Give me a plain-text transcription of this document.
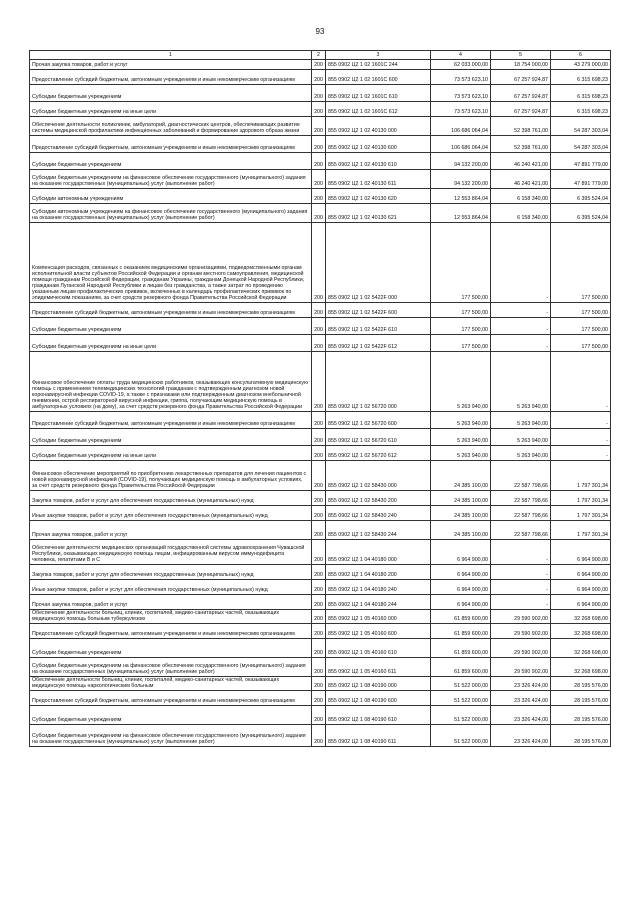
93
1	2	3	4	5	6
Прочая закупка товаров, работ и услуг	200	855 0902 Ц2 1 02 1601С 244	62 033 000,00	18 754 000,00	43 279 000,00
Предоставление субсидий бюджетным, автономным учреждениям и иным некоммерческим организациям	200	855 0902 Ц2 1 02 1601С 600	73 573 623,10	67 257 924,87	6 315 698,23
Субсидии бюджетным учреждениям	200	855 0902 Ц2 1 02 1601С 610	73 573 623,10	67 257 924,87	6 315 698,23
Субсидии бюджетным учреждениям на иные цели	200	855 0902 Ц2 1 02 1601С 612	73 573 623,10	67 257 924,87	6 315 698,23
Обеспечение деятельности поликлиник, амбулаторий, диагностических центров, обеспечивающих развитие системы медицинской профилактики инфекционных заболеваний и формирование здорового образа жизни	200	855 0902 Ц2 1 02 40130 000	106 686 064,04	52 398 761,00	54 287 303,04
Предоставление субсидий бюджетным, автономным учреждениям и иным некоммерческим организациям	200	855 0902 Ц2 1 02 40130 600	106 686 064,04	52 398 761,00	54 287 303,04
Субсидии бюджетным учреждениям	200	855 0902 Ц2 1 02 40130 610	94 132 200,00	46 240 421,00	47 891 779,00
Субсидии бюджетным учреждениям на финансовое обеспечение государственного (муниципального) задания на оказание государственных (муниципальных) услуг (выполнение работ)	200	855 0902 Ц2 1 02 40130 611	94 132 200,00	46 240 421,00	47 891 779,00
Субсидии автономным учреждениям	200	855 0902 Ц2 1 02 40130 620	12 553 864,04	6 158 340,00	6 395 524,04
Субсидии автономным учреждениям на финансовое обеспечение государственного (муниципального) задания на оказание государственных (муниципальных) услуг (выполнение работ)	200	855 0902 Ц2 1 02 40130 621	12 553 864,04	6 158 340,00	6 395 524,04
Компенсация расходов, связанных с оказанием медицинскими организациями, подведомственными органам исполнительной власти субъектов Российской Федерации и органам местного самоуправления, медицинской помощи гражданам Российской Федерации, гражданам Украины, гражданам Донецкой Народной Республики, гражданам Луганской Народной Республики и лицам без гражданства, а также затрат по проведению указанным лицам профилактических прививок, включенных в календарь профилактических прививок по эпидемическим показаниям, за счет средств резервного фонда Правительства Российской Федерации	200	855 0902 Ц2 1 02 5422F 000	177 500,00	-	177 500,00
Предоставление субсидий бюджетным, автономным учреждениям и иным некоммерческим организациям	200	855 0902 Ц2 1 02 5422F 600	177 500,00	-	177 500,00
Субсидии бюджетным учреждениям	200	855 0902 Ц2 1 02 5422F 610	177 500,00	-	177 500,00
Субсидии бюджетным учреждениям на иные цели	200	855 0902 Ц2 1 02 5422F 612	177 500,00	-	177 500,00
Финансовое обеспечение оплаты труда медицинских работников, оказывающих консультативную медицинскую помощь с применением телемедицинских технологий гражданам с подтвержденным диагнозом новой коронавирусной инфекции COVID-19, а также с признаками или подтвержденным диагнозом внебольничной пневмонии, острой респираторной вирусной инфекции, гриппа, получающим медицинскую помощь в амбулаторных условиях (на дому), за счет средств резервного фонда Правительства Российской Федерации	200	855 0902 Ц2 1 02 56720 000	5 263 940,00	5 263 940,00	-
Предоставление субсидий бюджетным, автономным учреждениям и иным некоммерческим организациям	200	855 0902 Ц2 1 02 56720 600	5 263 940,00	5 263 940,00	-
Субсидии бюджетным учреждениям	200	855 0902 Ц2 1 02 56720 610	5 263 940,00	5 263 940,00	-
Субсидии бюджетным учреждениям на иные цели	200	855 0902 Ц2 1 02 56720 612	5 263 940,00	5 263 940,00	-
Финансовое обеспечение мероприятий по приобретению лекарственных препаратов для лечения пациентов с новой коронавирусной инфекцией (COVID-19), получающих медицинскую помощь в амбулаторных условиях, за счет средств резервного фонда Правительства Российской Федерации	200	855 0902 Ц2 1 02 58430 000	24 385 100,00	22 587 798,66	1 797 301,34
Закупка товаров, работ и услуг для обеспечения государственных (муниципальных) нужд	200	855 0902 Ц2 1 02 58430 200	24 385 100,00	22 587 798,66	1 797 301,34
Иные закупки товаров, работ и услуг для обеспечения государственных (муниципальных) нужд	200	855 0902 Ц2 1 02 58430 240	24 385 100,00	22 587 798,66	1 797 301,34
Прочая закупка товаров, работ и услуг	200	855 0902 Ц2 1 02 58430 244	24 385 100,00	22 587 798,66	1 797 301,34
Обеспечение деятельности медицинских организаций государственной системы здравоохранения Чувашской Республики, оказывающих медицинскую помощь лицам, инфицированным вирусом иммунодефицита человека, гепатитами B и C	200	855 0902 Ц2 1 04 40180 000	6 964 900,00	-	6 964 900,00
Закупка товаров, работ и услуг для обеспечения государственных (муниципальных) нужд	200	855 0902 Ц2 1 04 40180 200	6 964 900,00	-	6 964 900,00
Иные закупки товаров, работ и услуг для обеспечения государственных (муниципальных) нужд	200	855 0902 Ц2 1 04 40180 240	6 964 900,00	-	6 964 900,00
Прочая закупка товаров, работ и услуг	200	855 0902 Ц2 1 04 40180 244	6 964 900,00	-	6 964 900,00
Обеспечение деятельности больниц, клиник, госпиталей, медико-санитарных частей, оказывающих медицинскую помощь больным туберкулезом	200	855 0902 Ц2 1 05 40160 000	61 859 600,00	29 590 902,00	32 268 698,00
Предоставление субсидий бюджетным, автономным учреждениям и иным некоммерческим организациям	200	855 0902 Ц2 1 05 40160 600	61 859 600,00	29 590 902,00	32 268 698,00
Субсидии бюджетным учреждениям	200	855 0902 Ц2 1 05 40160 610	61 859 600,00	29 590 902,00	32 268 698,00
Субсидии бюджетным учреждениям на финансовое обеспечение государственного (муниципального) задания на оказание государственных (муниципальных) услуг (выполнение работ)	200	855 0902 Ц2 1 05 40160 611	61 859 600,00	29 590 902,00	32 268 698,00
Обеспечение деятельности больниц, клиник, госпиталей, медико-санитарных частей, оказывающих медицинскую помощь наркологическим больным	200	855 0902 Ц2 1 08 40190 000	51 522 000,00	23 326 424,00	28 195 576,00
Предоставление субсидий бюджетным, автономным учреждениям и иным некоммерческим организациям	200	855 0902 Ц2 1 08 40190 600	51 522 000,00	23 326 424,00	28 195 576,00
Субсидии бюджетным учреждениям	200	855 0902 Ц2 1 08 40190 610	51 522 000,00	23 326 424,00	28 195 576,00
Субсидии бюджетным учреждениям на финансовое обеспечение государственного (муниципального) задания на оказание государственных (муниципальных) услуг (выполнение работ)	200	855 0902 Ц2 1 08 40190 611	51 522 000,00	23 326 424,00	28 195 576,00
